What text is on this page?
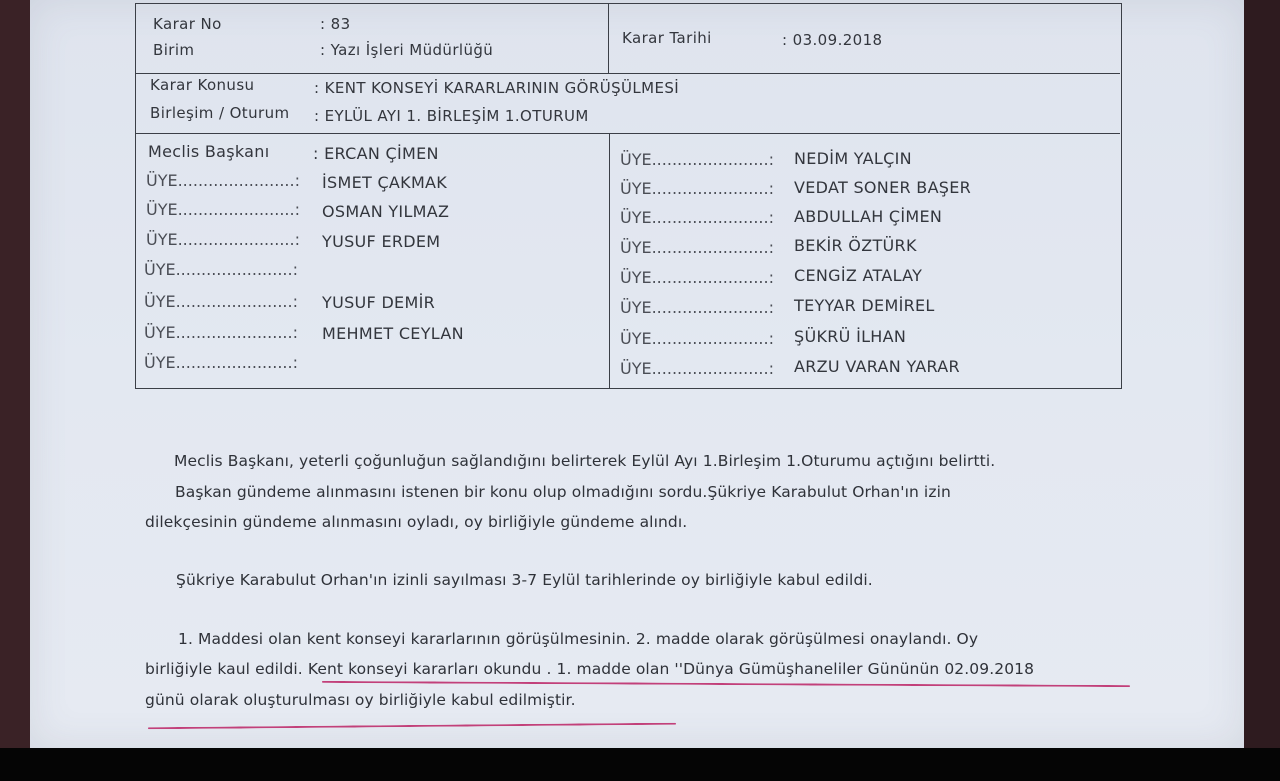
Karar No	: 83
Birim	: Yazı İşleri Müdürlüğü
Karar Tarihi	: 03.09.2018
Karar Konusu	: KENT KONSEYİ KARARLARININ GÖRÜŞÜLMESİ
Birleşim / Oturum : EYLÜL AYI 1. BİRLEŞİM 1.OTURUM
Meclis Başkanı	: ERCAN ÇİMEN
ÜYE.......................: İSMET ÇAKMAK
ÜYE.......................: OSMAN YILMAZ
ÜYE.......................: YUSUF ERDEM
ÜYE.......................:
ÜYE.......................: YUSUF DEMİR
ÜYE.......................: MEHMET CEYLAN
ÜYE.......................:
ÜYE.......................: NEDİM YALÇIN
ÜYE.......................: VEDAT SONER BAŞER
ÜYE.......................: ABDULLAH ÇİMEN
ÜYE.......................: BEKİR ÖZTÜRK
ÜYE.......................: CENGİZ ATALAY
ÜYE.......................: TEYYAR DEMİREL
ÜYE.......................: ŞÜKRÜ İLHAN
ÜYE.......................: ARZU VARAN YARAR
Meclis Başkanı, yeterli çoğunluğun sağlandığını belirterek Eylül Ayı 1.Birleşim 1.Oturumu açtığını belirtti.
Başkan gündeme alınmasını istenen bir konu olup olmadığını sordu.Şükriye Karabulut Orhan'ın izin
dilekçesinin gündeme alınmasını oyladı, oy birliğiyle gündeme alındı.
Şükriye Karabulut Orhan'ın izinli sayılması 3-7 Eylül tarihlerinde oy birliğiyle kabul edildi.
1. Maddesi olan kent konseyi kararlarının görüşülmesinin. 2. madde olarak görüşülmesi onaylandı. Oy
birliğiyle kaul edildi. Kent konseyi kararları okundu . 1. madde olan ''Dünya Gümüşhaneliler Gününün 02.09.2018
günü olarak oluşturulması oy birliğiyle kabul edilmiştir.
